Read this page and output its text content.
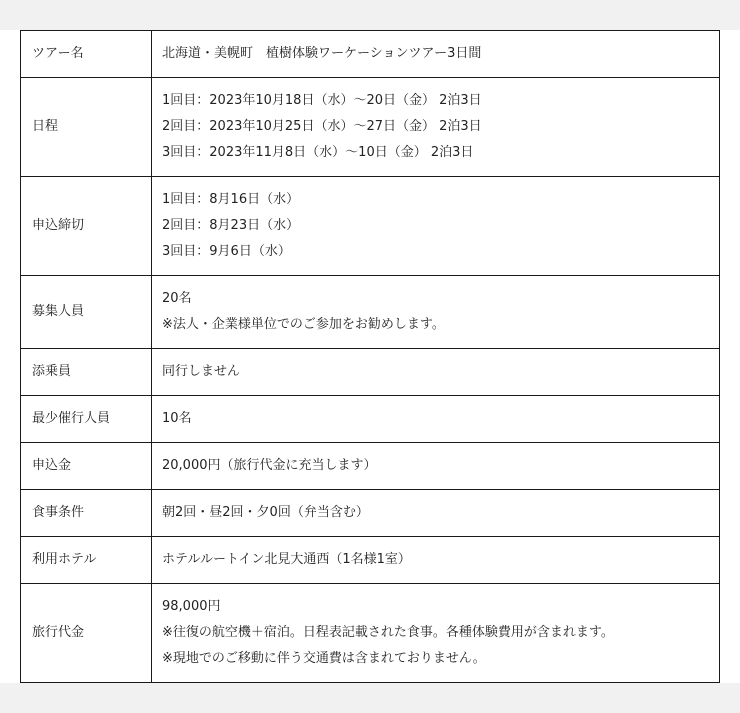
ツアー名	北海道・美幌町　植樹体験ワーケーションツアー3日間

日程	1回目：2023年10月18日（水）～20日（金） 2泊3日
2回目：2023年10月25日（水）～27日（金） 2泊3日
3回目：2023年11月8日（水）～10日（金） 2泊3日

申込締切	1回目：8月16日（水）
2回目：8月23日（水）
3回目：9月6日（水）

募集人員	20名
※法人・企業様単位でのご参加をお勧めします。

添乗員	同行しません

最少催行人員	10名

申込金	20,000円（旅行代金に充当します）

食事条件	朝2回・昼2回・夕0回（弁当含む）

利用ホテル	ホテルルートイン北見大通西（1名様1室）

旅行代金	98,000円
※往復の航空機＋宿泊。日程表記載された食事。各種体験費用が含まれます。
※現地でのご移動に伴う交通費は含まれておりません。
